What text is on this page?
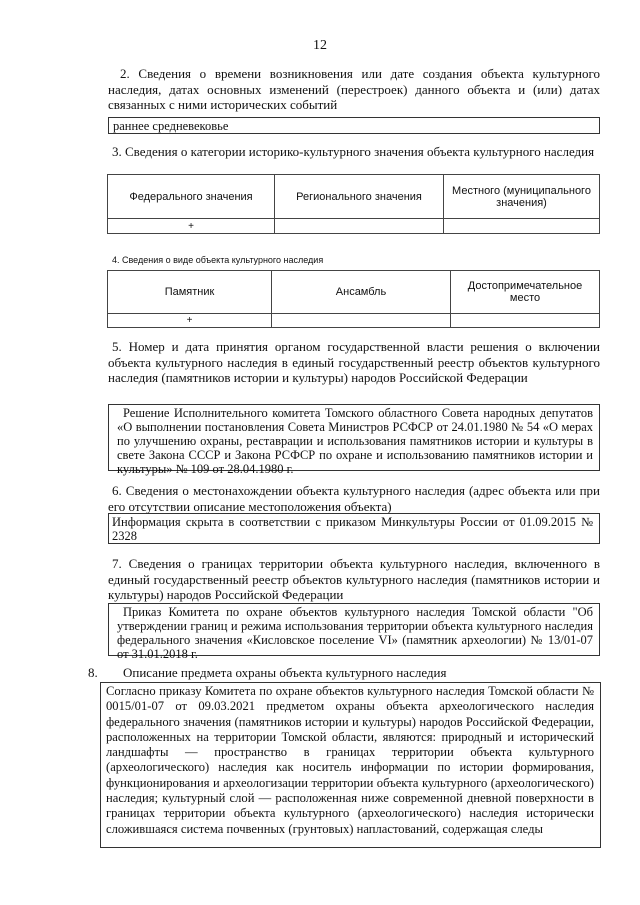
12

2. Сведения о времени возникновения или дате создания объекта культурного наследия, датах основных изменений (перестроек) данного объекта и (или) датах связанных с ними исторических событий

раннее средневековье

3. Сведения о категории историко-культурного значения объекта культурного наследия

Федерального значения	Регионального значения	Местного (муниципального значения)
+		
4. Сведения о виде объекта культурного наследия
Памятник	Ансамбль	Достопримечательное место
+		

5. Номер и дата принятия органом государственной власти решения о включении объекта культурного наследия в единый государственный реестр объектов культурного наследия (памятников истории и культуры) народов Российской Федерации

Решение Исполнительного комитета Томского областного Совета народных депутатов «О выполнении постановления Совета Министров РСФСР от 24.01.1980 № 54 «О мерах по улучшению охраны, реставрации и использования памятников истории и культуры в свете Закона СССР и Закона РСФСР по охране и использованию памятников истории и культуры» № 109 от 28.04.1980 г.

6. Сведения о местонахождении объекта культурного наследия (адрес объекта или при его отсутствии описание местоположения объекта)

Информация скрыта в соответствии с приказом Минкультуры России от 01.09.2015 № 2328

7. Сведения о границах территории объекта культурного наследия, включенного в единый государственный реестр объектов культурного наследия (памятников истории и культуры) народов Российской Федерации

Приказ Комитета по охране объектов культурного наследия Томской области "Об утверждении границ и режима использования территории объекта культурного наследия федерального значения «Кисловское поселение VI» (памятник археологии) № 13/01-07 от 31.01.2018 г.
8.	Описание предмета охраны объекта культурного наследия
Согласно приказу Комитета по охране объектов культурного наследия Томской области № 0015/01-07 от 09.03.2021 предметом охраны объекта археологического наследия федерального значения (памятников истории и культуры) народов Российской Федерации, расположенных на территории Томской области, являются: природный и исторический ландшафты — пространство в границах территории объекта культурного (археологического) наследия как носитель информации по истории формирования, функционирования и археологизации территории объекта культурного (археологического) наследия; культурный слой — расположенная ниже современной дневной поверхности в границах территории объекта культурного (археологического) наследия исторически сложившаяся система почвенных (грунтовых) напластований, содержащая следы
